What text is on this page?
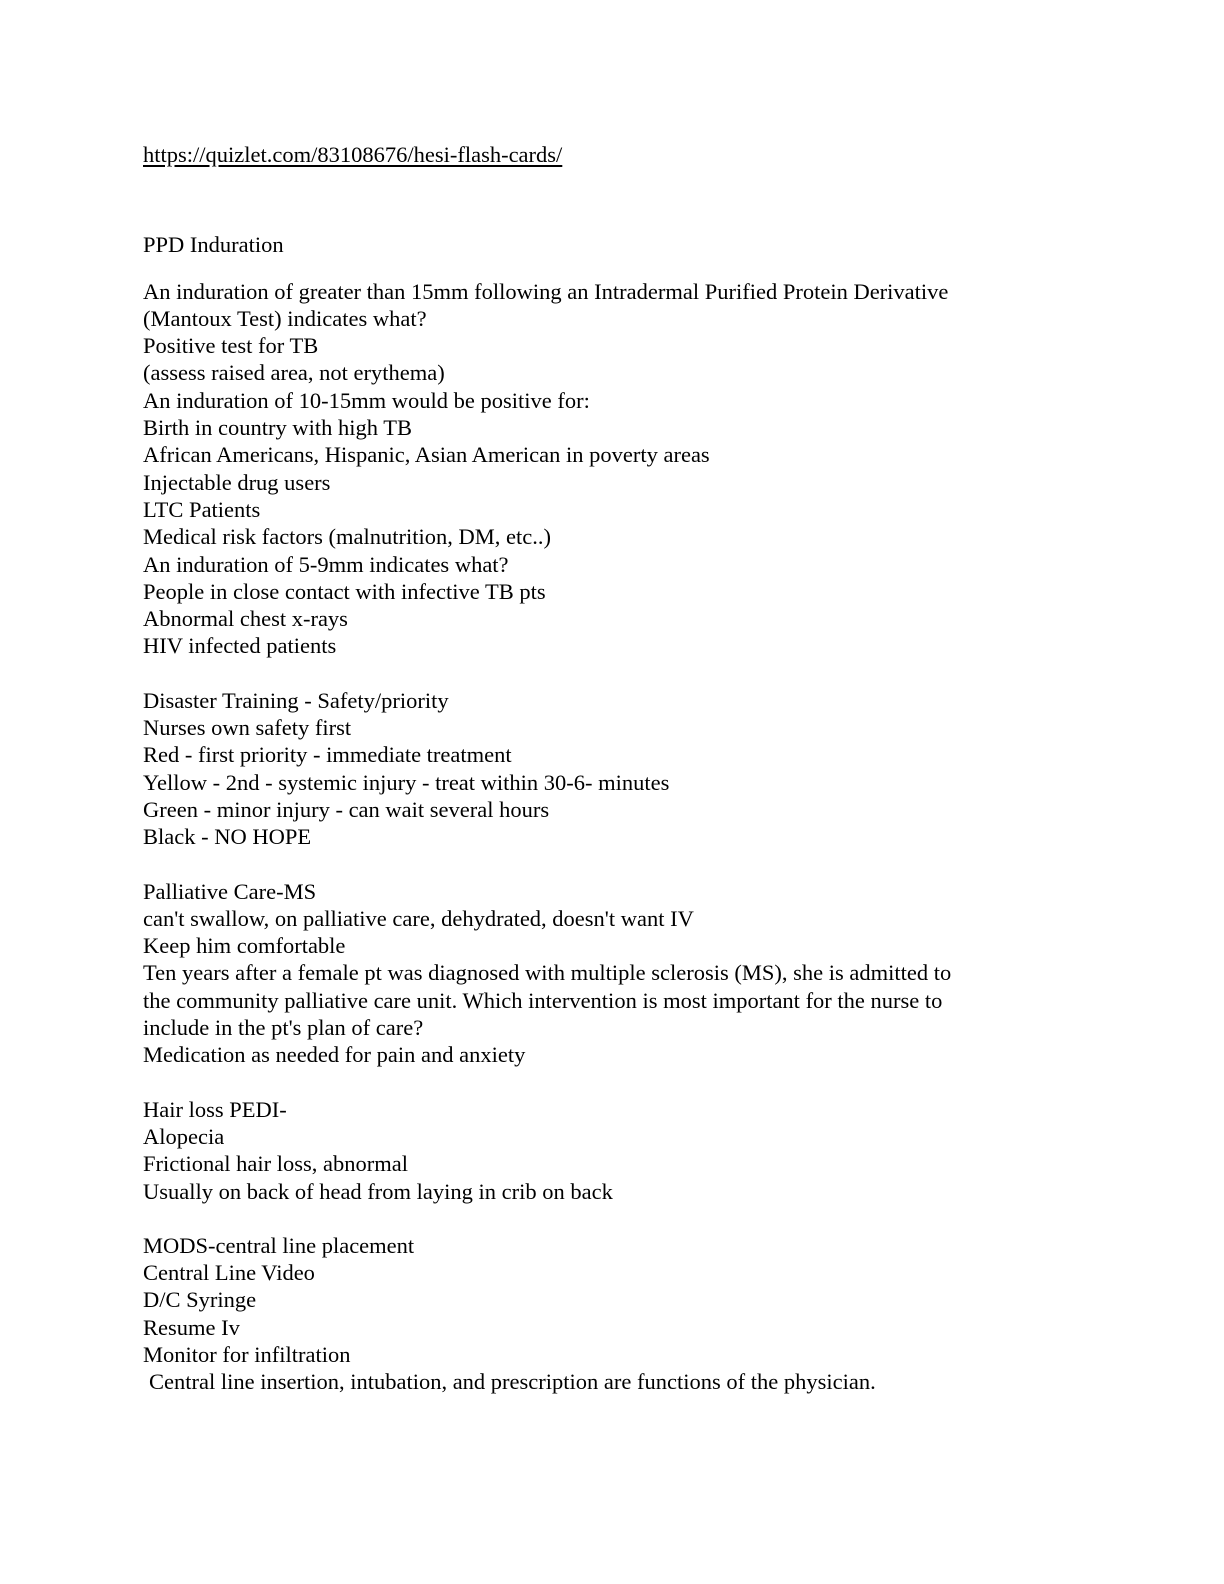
https://quizlet.com/83108676/hesi-flash-cards/
PPD Induration
An induration of greater than 15mm following an Intradermal Purified Protein Derivative
(Mantoux Test) indicates what?
Positive test for TB
(assess raised area, not erythema)
An induration of 10-15mm would be positive for:
Birth in country with high TB
African Americans, Hispanic, Asian American in poverty areas
Injectable drug users
LTC Patients
Medical risk factors (malnutrition, DM, etc..)
An induration of 5-9mm indicates what?
People in close contact with infective TB pts
Abnormal chest x-rays
HIV infected patients
Disaster Training - Safety/priority
Nurses own safety first
Red - first priority - immediate treatment
Yellow - 2nd - systemic injury - treat within 30-6- minutes
Green - minor injury - can wait several hours
Black - NO HOPE
Palliative Care-MS
can't swallow, on palliative care, dehydrated, doesn't want IV
Keep him comfortable
Ten years after a female pt was diagnosed with multiple sclerosis (MS), she is admitted to
the community palliative care unit. Which intervention is most important for the nurse to
include in the pt's plan of care?
Medication as needed for pain and anxiety
Hair loss PEDI-
Alopecia
Frictional hair loss, abnormal
Usually on back of head from laying in crib on back
MODS-central line placement
Central Line Video
D/C Syringe
Resume Iv
Monitor for infiltration
Central line insertion, intubation, and prescription are functions of the physician.
